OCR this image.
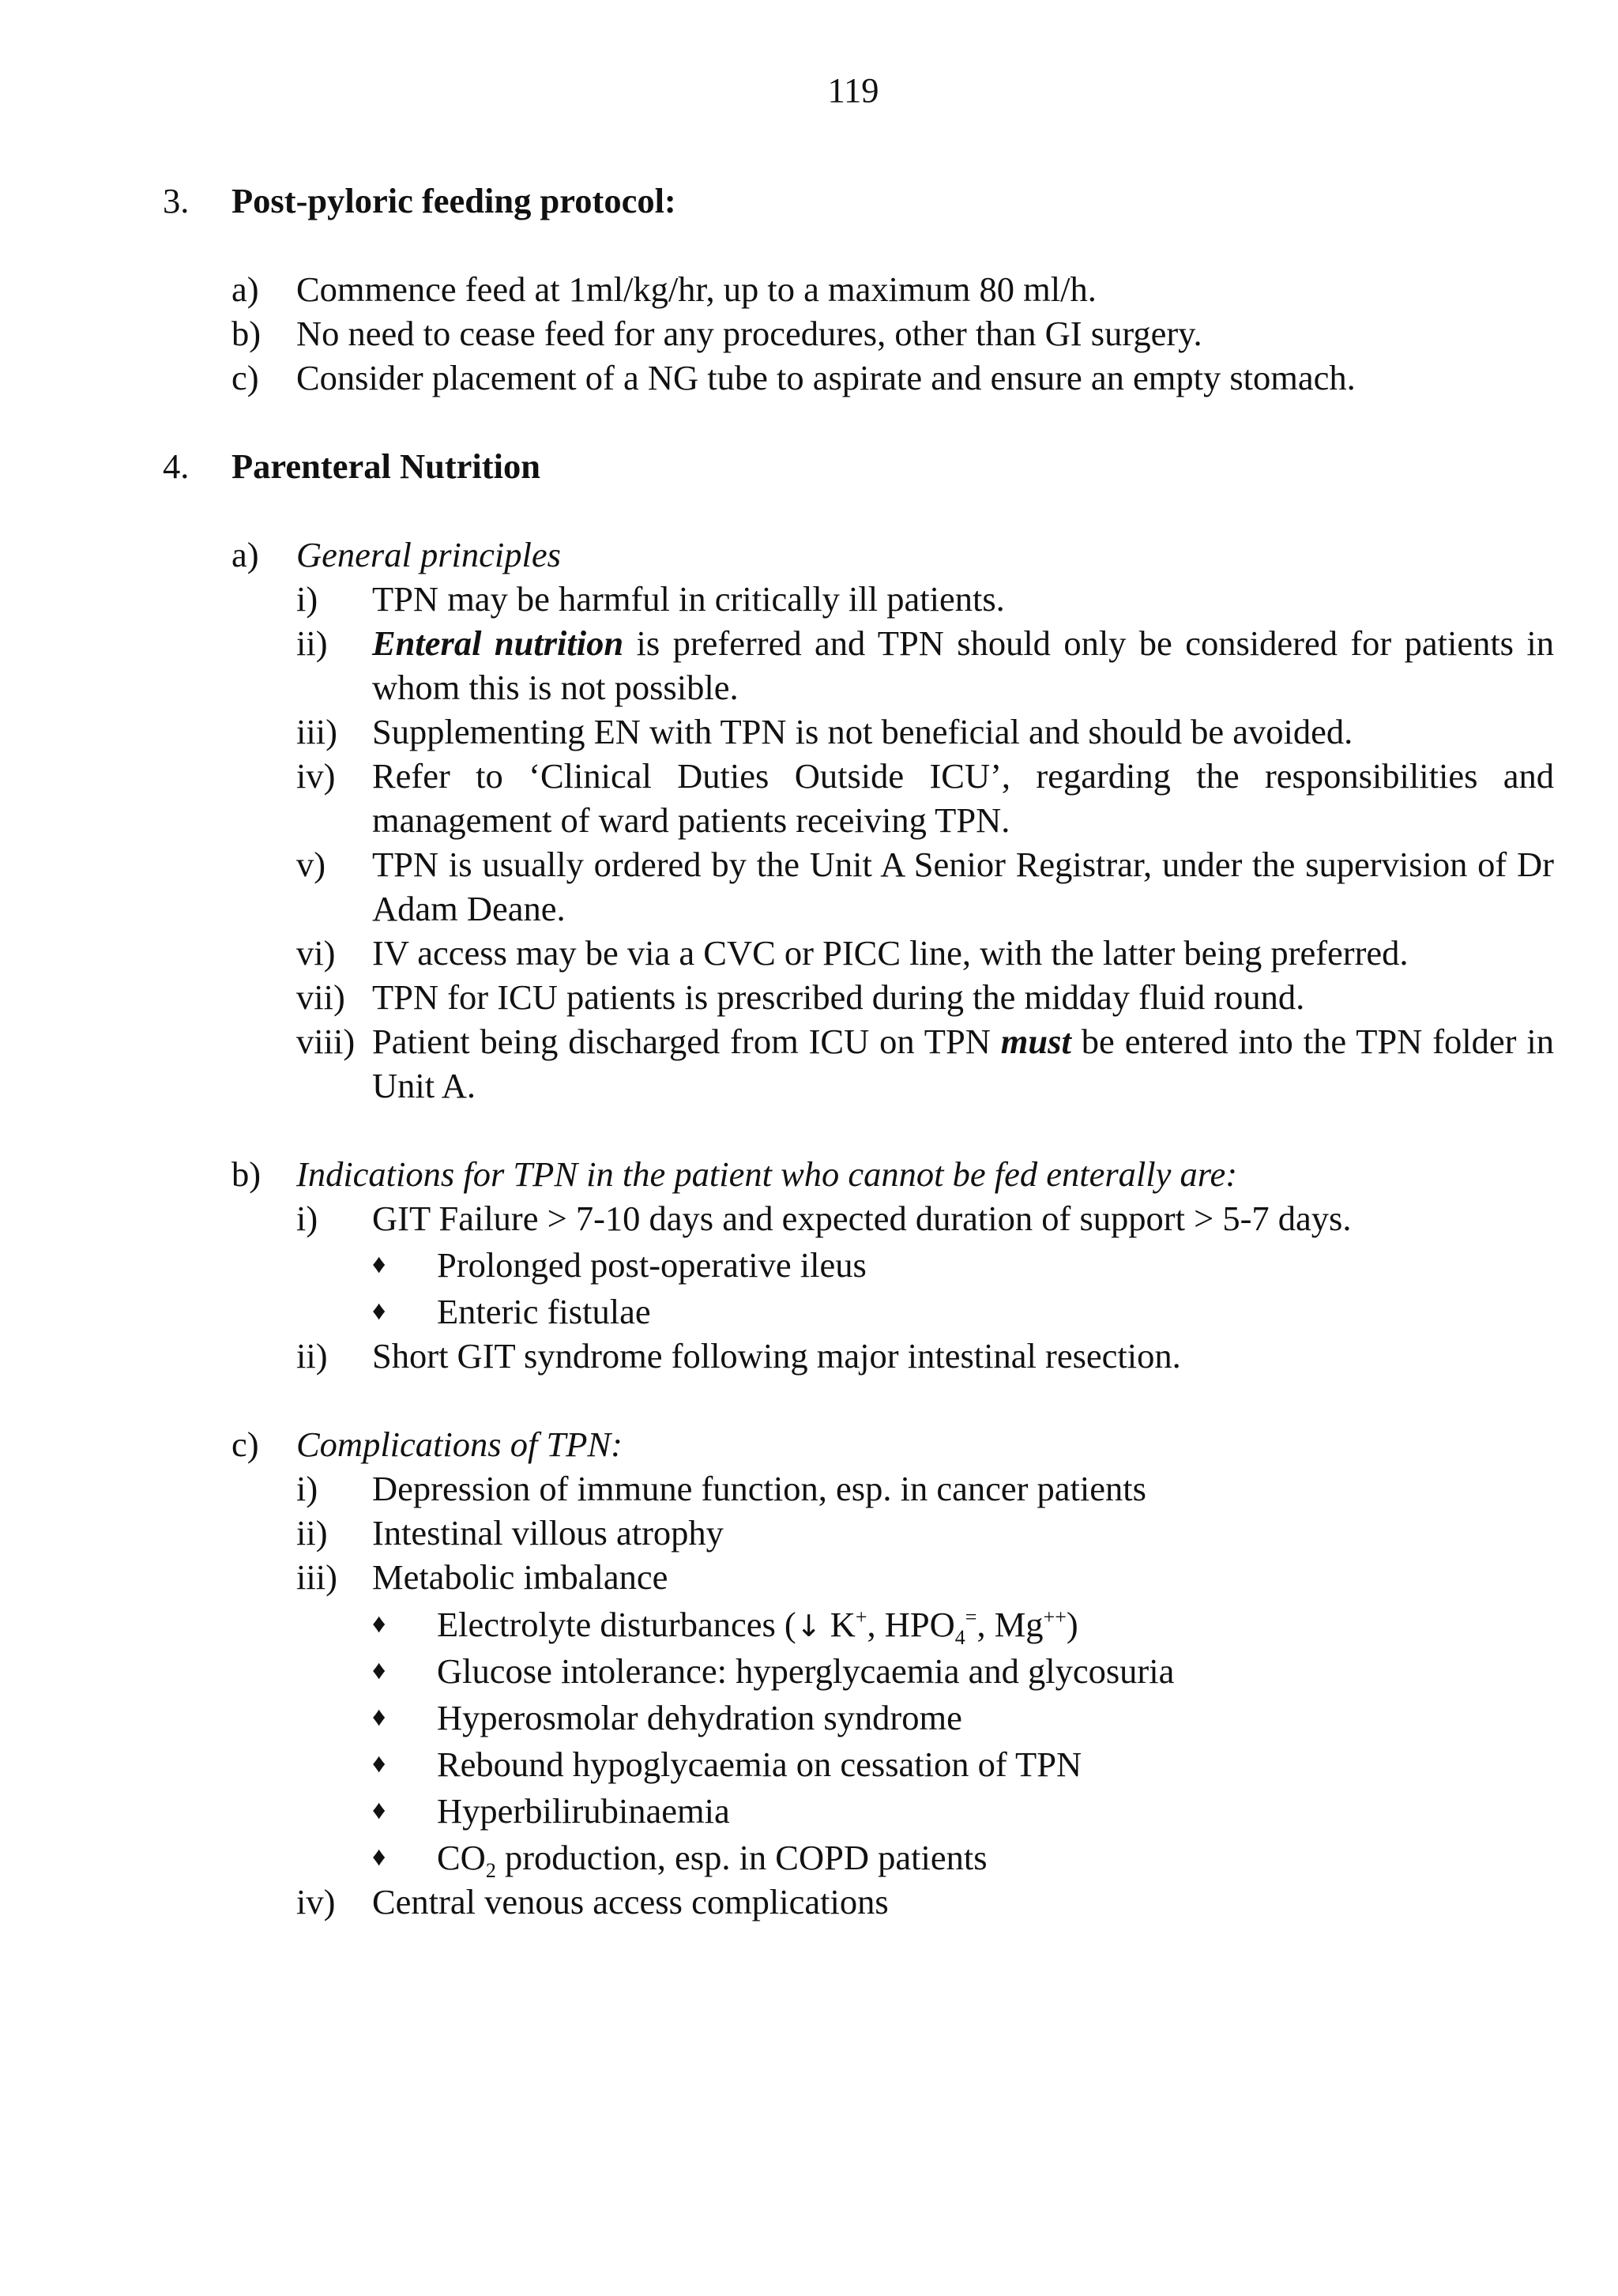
119
3. Post-pyloric feeding protocol:
a) Commence feed at 1ml/kg/hr, up to a maximum 80 ml/h.
b) No need to cease feed for any procedures, other than GI surgery.
c) Consider placement of a NG tube to aspirate and ensure an empty stomach.
4. Parenteral Nutrition
a) General principles
i) TPN may be harmful in critically ill patients.
ii) Enteral nutrition is preferred and TPN should only be considered for patients in whom this is not possible.
iii) Supplementing EN with TPN is not beneficial and should be avoided.
iv) Refer to ‘Clinical Duties Outside ICU’, regarding the responsibilities and management of ward patients receiving TPN.
v) TPN is usually ordered by the Unit A Senior Registrar, under the supervision of Dr Adam Deane.
vi) IV access may be via a CVC or PICC line, with the latter being preferred.
vii) TPN for ICU patients is prescribed during the midday fluid round.
viii) Patient being discharged from ICU on TPN must be entered into the TPN folder in Unit A.
b) Indications for TPN in the patient who cannot be fed enterally are:
i) GIT Failure > 7-10 days and expected duration of support > 5-7 days.
♦ Prolonged post-operative ileus
♦ Enteric fistulae
ii) Short GIT syndrome following major intestinal resection.
c) Complications of TPN:
i) Depression of immune function, esp. in cancer patients
ii) Intestinal villous atrophy
iii) Metabolic imbalance
♦ Electrolyte disturbances (↓ K+, $HPO_4^=$, Mg++)
♦ Glucose intolerance: hyperglycaemia and glycosuria
♦ Hyperosmolar dehydration syndrome
♦ Rebound hypoglycaemia on cessation of TPN
♦ Hyperbilirubinaemia
♦ $CO_2$ production, esp. in COPD patients
iv) Central venous access complications
